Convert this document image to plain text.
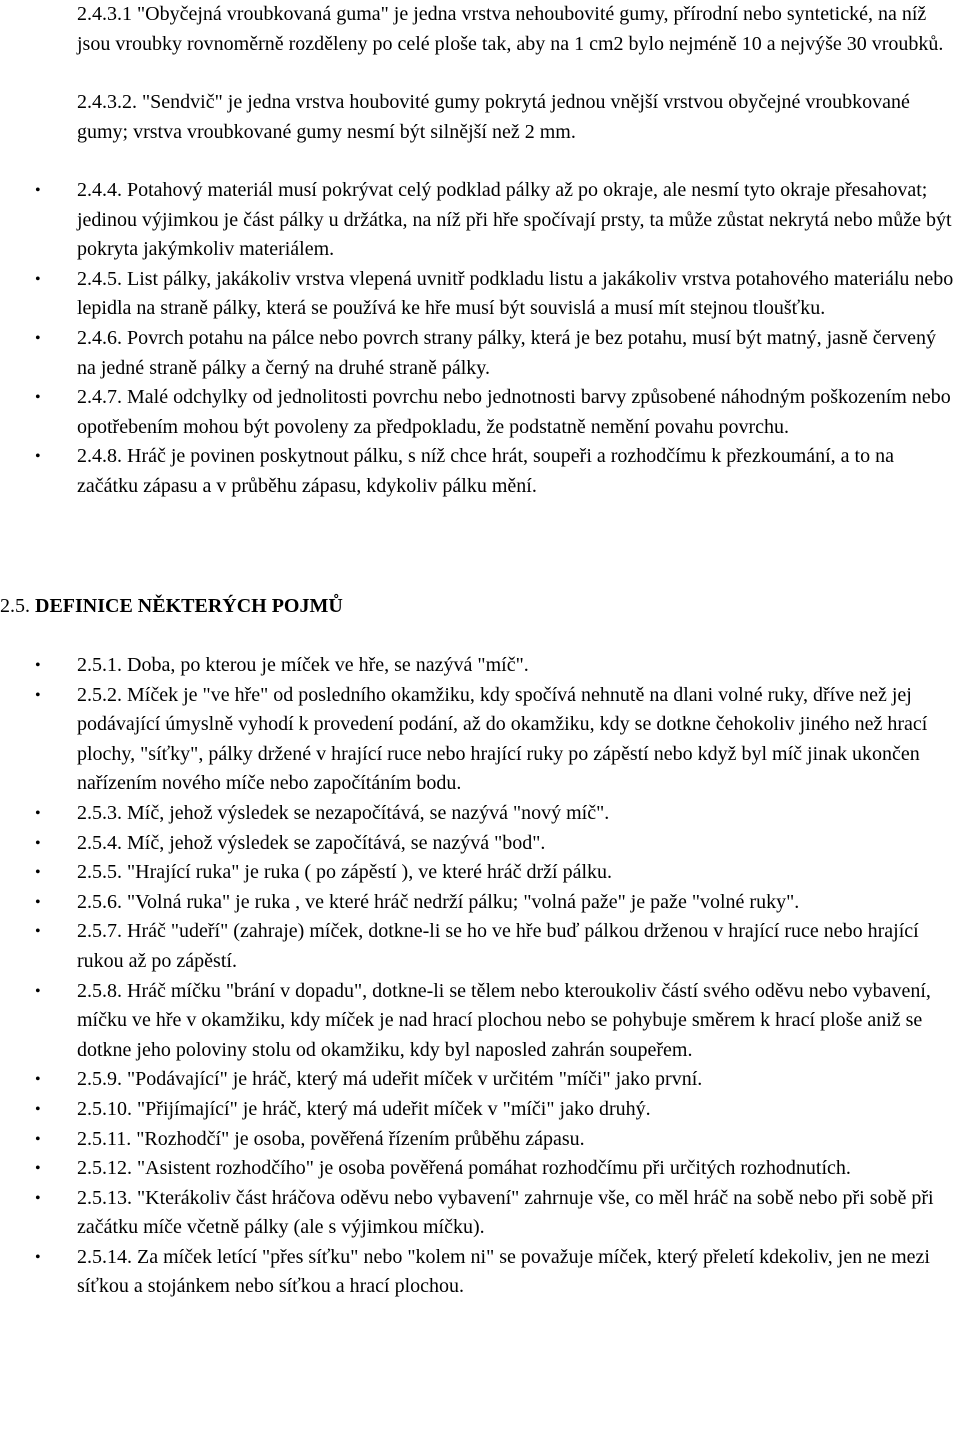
2.4.3.1 "Obyčejná vroubkovaná guma" je jedna vrstva nehoubovité gumy, přírodní nebo syntetické, na níž jsou vroubky rovnoměrně rozděleny po celé ploše tak, aby na 1 cm2 bylo nejméně 10 a nejvýše 30 vroubků.

2.4.3.2. "Sendvič" je jedna vrstva houbovité gumy pokrytá jednou vnější vrstvou obyčejné vroubkované gumy; vrstva vroubkované gumy nesmí být silnější než 2 mm.

• 2.4.4. Potahový materiál musí pokrývat celý podklad pálky až po okraje, ale nesmí tyto okraje přesahovat; jedinou výjimkou je část pálky u držátka, na níž při hře spočívají prsty, ta může zůstat nekrytá nebo může být pokryta jakýmkoliv materiálem.
• 2.4.5. List pálky, jakákoliv vrstva vlepená uvnitř podkladu listu a jakákoliv vrstva potahového materiálu nebo lepidla na straně pálky, která se používá ke hře musí být souvislá a musí mít stejnou tloušťku.
• 2.4.6. Povrch potahu na pálce nebo povrch strany pálky, která je bez potahu, musí být matný, jasně červený na jedné straně pálky a černý na druhé straně pálky.
• 2.4.7. Malé odchylky od jednolitosti povrchu nebo jednotnosti barvy způsobené náhodným poškozením nebo opotřebením mohou být povoleny za předpokladu, že podstatně nemění povahu povrchu.
• 2.4.8. Hráč je povinen poskytnout pálku, s níž chce hrát, soupeři a rozhodčímu k přezkoumání, a to na začátku zápasu a v průběhu zápasu, kdykoliv pálku mění.
2.5. DEFINICE NĚKTERÝCH POJMŮ
• 2.5.1. Doba, po kterou je míček ve hře, se nazývá "míč".
• 2.5.2. Míček je "ve hře" od posledního okamžiku, kdy spočívá nehnutě na dlani volné ruky, dříve než jej podávající úmyslně vyhodí k provedení podání, až do okamžiku, kdy se dotkne čehokoliv jiného než hrací plochy, "síťky", pálky držené v hrající ruce nebo hrající ruky po zápěstí nebo když byl míč jinak ukončen nařízením nového míče nebo započítáním bodu.
• 2.5.3. Míč, jehož výsledek se nezapočítává, se nazývá "nový míč".
• 2.5.4. Míč, jehož výsledek se započítává, se nazývá "bod".
• 2.5.5. "Hrající ruka" je ruka ( po zápěstí ), ve které hráč drží pálku.
• 2.5.6. "Volná ruka" je ruka , ve které hráč nedrží pálku; "volná paže" je paže "volné ruky".
• 2.5.7. Hráč "udeří" (zahraje) míček, dotkne-li se ho ve hře buď pálkou drženou v hrající ruce nebo hrající rukou až po zápěstí.
• 2.5.8. Hráč míčku "brání v dopadu", dotkne-li se tělem nebo kteroukoliv částí svého oděvu nebo vybavení, míčku ve hře v okamžiku, kdy míček je nad hrací plochou nebo se pohybuje směrem k hrací ploše aniž se dotkne jeho poloviny stolu od okamžiku, kdy byl naposled zahrán soupeřem.
• 2.5.9. "Podávající" je hráč, který má udeřit míček v určitém "míči" jako první.
• 2.5.10. "Přijímající" je hráč, který má udeřit míček v "míči" jako druhý.
• 2.5.11. "Rozhodčí" je osoba, pověřená řízením průběhu zápasu.
• 2.5.12. "Asistent rozhodčího" je osoba pověřená pomáhat rozhodčímu při určitých rozhodnutích.
• 2.5.13. "Kterákoliv část hráčova oděvu nebo vybavení" zahrnuje vše, co měl hráč na sobě nebo při sobě při začátku míče včetně pálky (ale s výjimkou míčku).
• 2.5.14. Za míček letící "přes síťku" nebo "kolem ni" se považuje míček, který přeletí kdekoliv, jen ne mezi síťkou a stojánkem nebo síťkou a hrací plochou.
